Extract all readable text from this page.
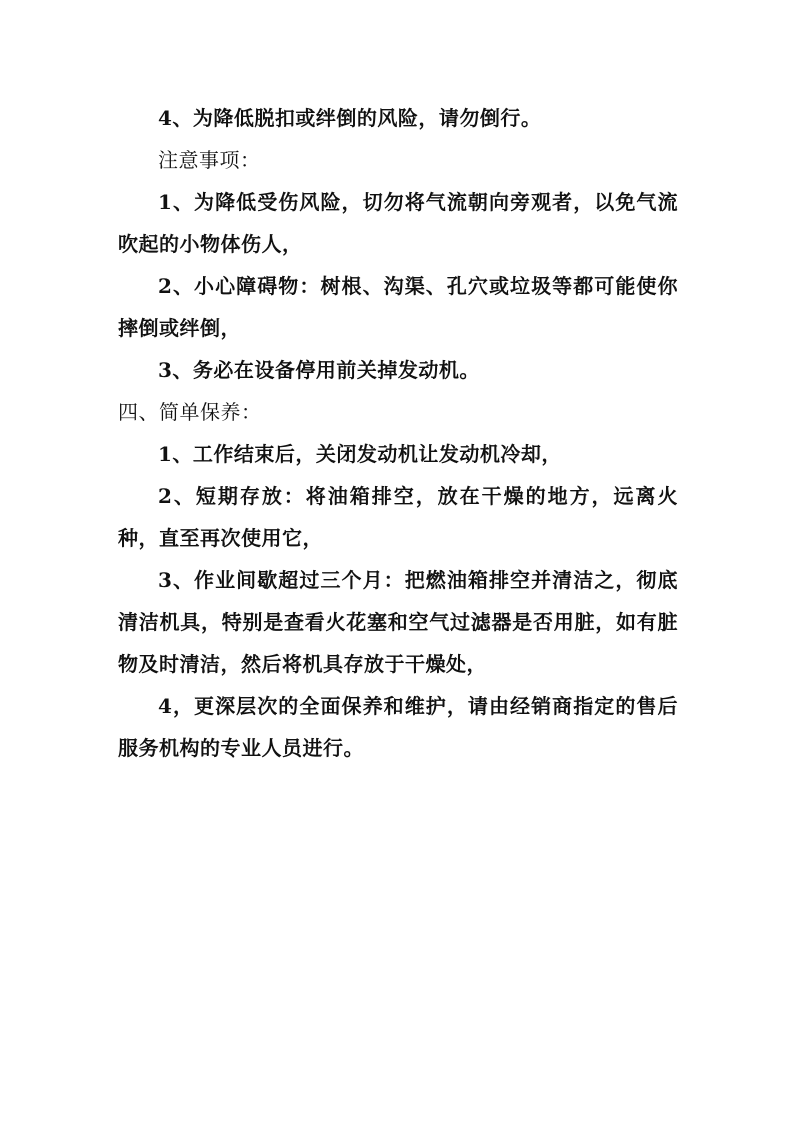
4、为降低脱扣或绊倒的风险，请勿倒行。

注意事项：

1、为降低受伤风险，切勿将气流朝向旁观者，以免气流吹起的小物体伤人，

2、小心障碍物：树根、沟渠、孔穴或垃圾等都可能使你摔倒或绊倒，

3、务必在设备停用前关掉发动机。

四、简单保养：

1、工作结束后，关闭发动机让发动机冷却，

2、短期存放：将油箱排空，放在干燥的地方，远离火种，直至再次使用它，

3、作业间歇超过三个月：把燃油箱排空并清洁之，彻底清洁机具，特别是查看火花塞和空气过滤器是否用脏，如有脏物及时清洁，然后将机具存放于干燥处，

4，更深层次的全面保养和维护，请由经销商指定的售后服务机构的专业人员进行。
